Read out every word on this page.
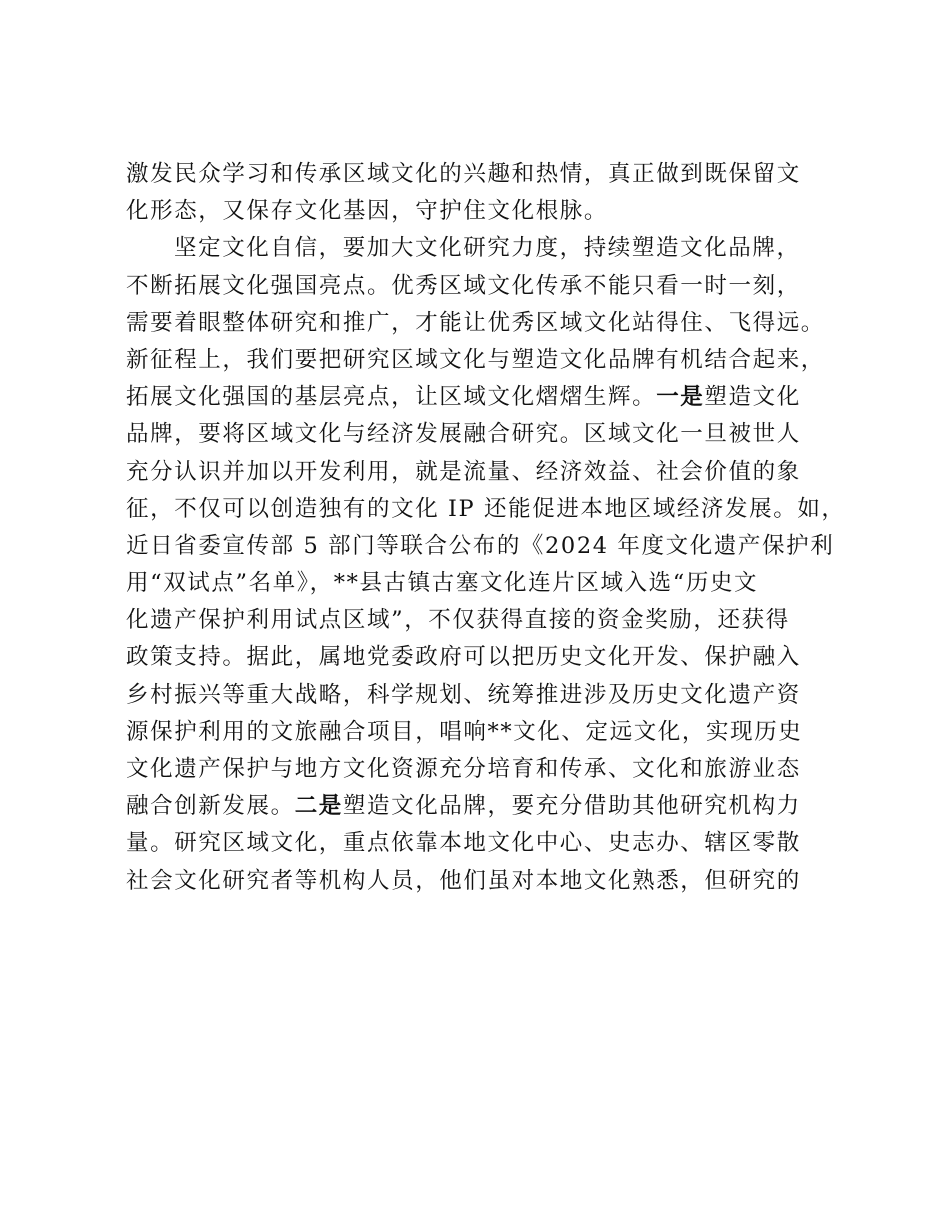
激发民众学习和传承区域文化的兴趣和热情，真正做到既保留文
化形态，又保存文化基因，守护住文化根脉。
坚定文化自信，要加大文化研究力度，持续塑造文化品牌，
不断拓展文化强国亮点。优秀区域文化传承不能只看一时一刻，
需要着眼整体研究和推广，才能让优秀区域文化站得住、飞得远。
新征程上，我们要把研究区域文化与塑造文化品牌有机结合起来，
拓展文化强国的基层亮点，让区域文化熠熠生辉。一是塑造文化
品牌，要将区域文化与经济发展融合研究。区域文化一旦被世人
充分认识并加以开发利用，就是流量、经济效益、社会价值的象
征，不仅可以创造独有的文化 IP 还能促进本地区域经济发展。如，
近日省委宣传部 5 部门等联合公布的《2024 年度文化遗产保护利
用“双试点”名单》，**县古镇古塞文化连片区域入选“历史文
化遗产保护利用试点区域”，不仅获得直接的资金奖励，还获得
政策支持。据此，属地党委政府可以把历史文化开发、保护融入
乡村振兴等重大战略，科学规划、统筹推进涉及历史文化遗产资
源保护利用的文旅融合项目，唱响**文化、定远文化，实现历史
文化遗产保护与地方文化资源充分培育和传承、文化和旅游业态
融合创新发展。二是塑造文化品牌，要充分借助其他研究机构力
量。研究区域文化，重点依靠本地文化中心、史志办、辖区零散
社会文化研究者等机构人员，他们虽对本地文化熟悉，但研究的
